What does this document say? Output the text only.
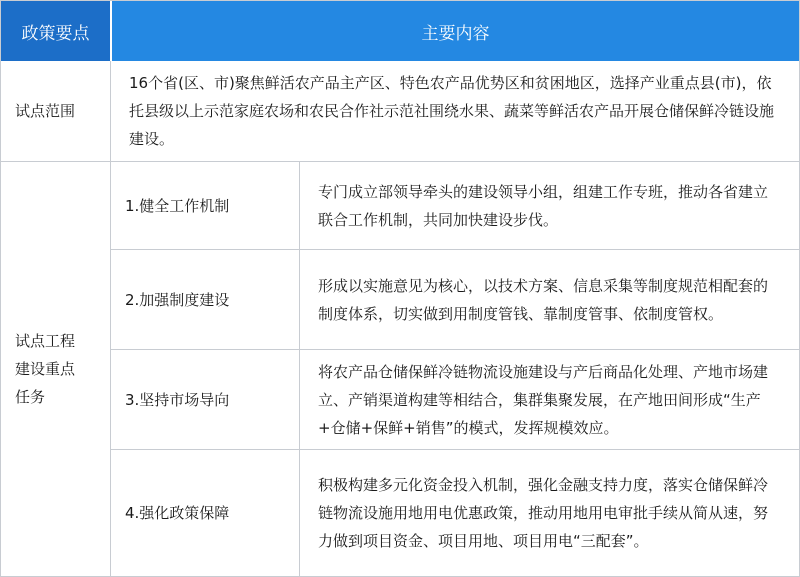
政策要点	主要内容
试点范围
16个省(区、市)聚焦鲜活农产品主产区、特色农产品优势区和贫困地区，选择产业重点县(市)，依托县级以上示范家庭农场和农民合作社示范社围绕水果、蔬菜等鲜活农产品开展仓储保鲜冷链设施建设。
试点工程建设重点任务
1.健全工作机制
专门成立部领导牵头的建设领导小组，组建工作专班，推动各省建立联合工作机制，共同加快建设步伐。
2.加强制度建设
形成以实施意见为核心，以技术方案、信息采集等制度规范相配套的制度体系，切实做到用制度管钱、靠制度管事、依制度管权。
3.坚持市场导向
将农产品仓储保鲜冷链物流设施建设与产后商品化处理、产地市场建立、产销渠道构建等相结合，集群集聚发展，在产地田间形成“生产+仓储+保鲜+销售”的模式，发挥规模效应。
4.强化政策保障
积极构建多元化资金投入机制，强化金融支持力度，落实仓储保鲜冷链物流设施用地用电优惠政策，推动用地用电审批手续从简从速，努力做到项目资金、项目用地、项目用电“三配套”。
